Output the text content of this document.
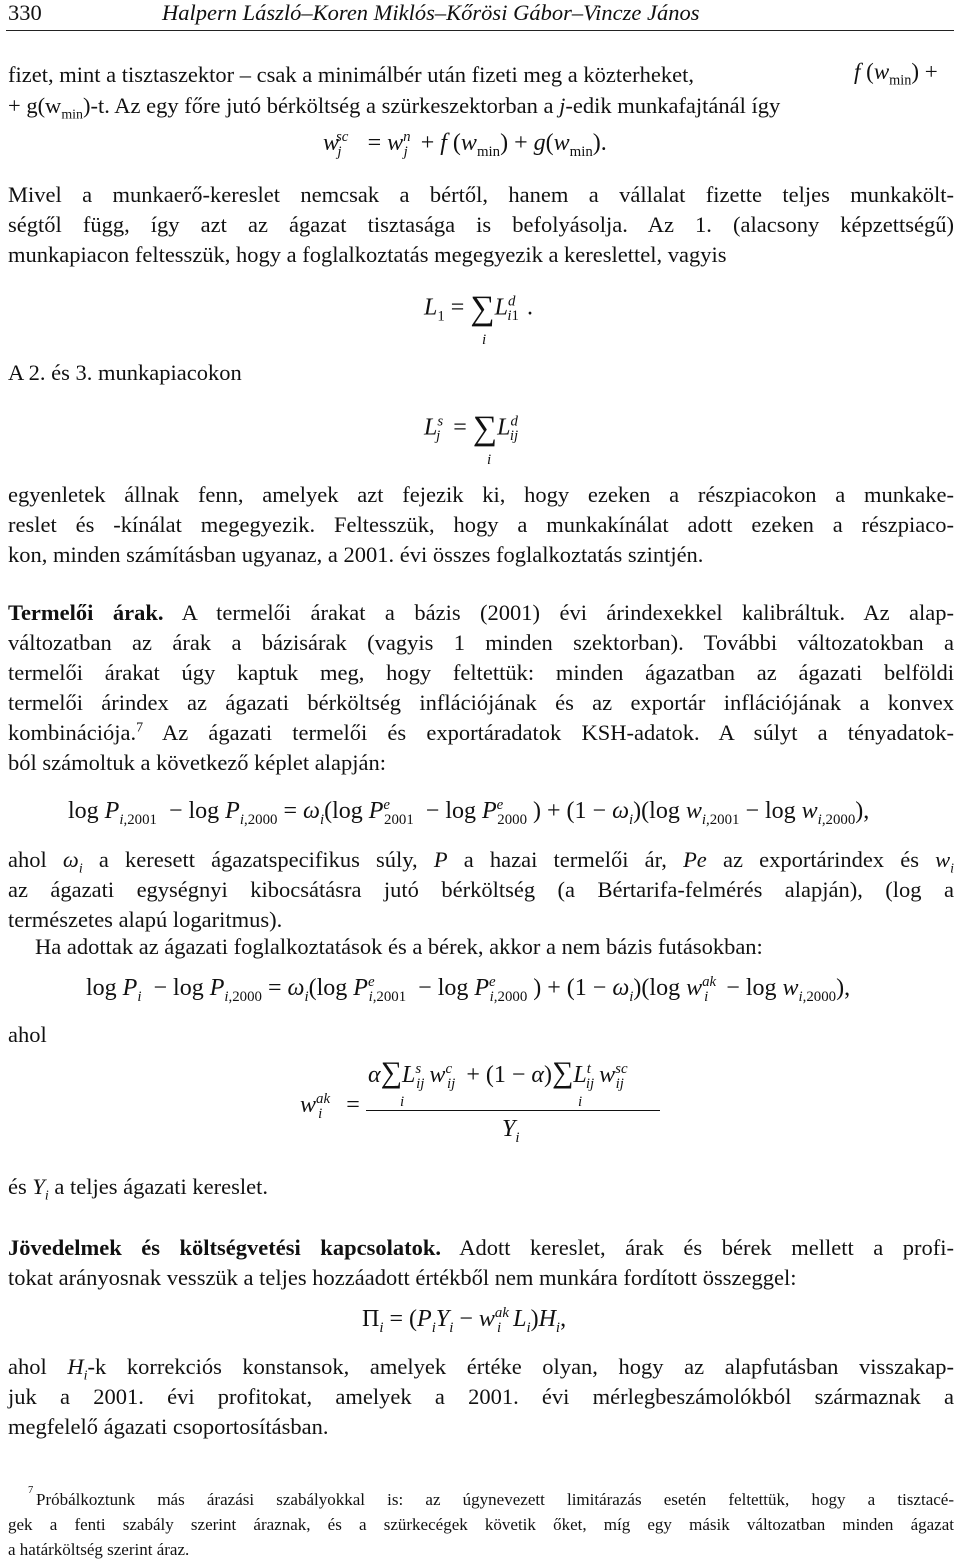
330	Halpern László–Koren Miklós–Kőrösi Gábor–Vincze János
fizet, mint a tisztaszektor – csak a minimálbér után fizeti meg a közterheket,	f $(w_{min})$ +
+ $g(w_{min})-t$. Az egy főre jutó bérköltség a szürkeszektorban a j-edik munkafajtánál így
$w^{sc}_j = w^n_j + f$ $(w_{min}) + g(w_{min})$.
Mivel a munkaerő-kereslet nemcsak a bértől, hanem a vállalat fizette teljes munkakölt-
ségtől függ, így azt az ágazat tisztasága is befolyásolja. Az 1. (alacsony képzettségű)
munkapiacon feltesszük, hogy a foglalkoztatás megegyezik a kereslettel, vagyis
$L_1 = \sum L^d_{i1}$ .
i
A 2. és 3. munkapiacokon
$L^s_j = \sum L^d_{ij}$
i
egyenletek állnak fenn, amelyek azt fejezik ki, hogy ezeken a részpiacokon a munkake-
reslet és -kínálat megegyezik. Feltesszük, hogy a munkakínálat adott ezeken a részpiaco-
kon, minden számításban ugyanaz, a 2001. évi összes foglalkoztatás szintjén.
Termelői árak. A termelői árakat a bázis (2001) évi árindexekkel kalibráltuk. Az alap-
változatban az árak a bázisárak (vagyis 1 minden szektorban). További változatokban a
termelői árakat úgy kaptuk meg, hogy feltettük: minden ágazatban az ágazati belföldi
termelői árindex az ágazati bérköltség inflációjának és az exportár inflációjának a konvex
kombinációja.$^7$ Az ágazati termelői és exportáradatok KSH-adatok. A súlyt a tényadatok-
ból számoltuk a következő képlet alapján:
$\log P_{i,2001} - \log P_{i,2000} = \omega_i(\log$ $P^e_{2001} - \log P^e_{2000}$ ) + $(1 - \omega_i)(\log$ $w_{i,2001} - \log w_{i,2000}$),
ahol $\omega_i$ a keresett ágazatspecifikus súly, P a hazai termelői ár, Pe az exportárindex és $w_i$
az ágazati egységnyi kibocsátásra jutó bérköltség (a Bértarifa-felmérés alapján), (log a
természetes alapú logaritmus).
Ha adottak az ágazati foglalkoztatások és a bérek, akkor a nem bázis futásokban:
$\log P_i - \log P_{i,2000} = \omega_i(\log$ $P^e_{i,2001} - \log P^e_{i,2000}$ ) + $(1 - \omega_i)(\log$ $w^{ak}_i - \log w_{i,2000}$),
ahol
$w^{ak}_i$  =
$\alpha\sum L^s_{ij}$ $w^c_{ij} + (1 - \alpha)\sum L^t_{ij}$ $w^{sc}_{ij}$
i	i
$Y_i$
és $Y_i$ a teljes ágazati kereslet.
Jövedelmek és költségvetési kapcsolatok. Adott kereslet, árak és bérek mellett a profi-
tokat arányosnak vesszük a teljes hozzáadott értékből nem munkára fordított összeggel:
$\Pi_i = (P_iY_i - w^{ak}_i$ $L_i)H_i$,
ahol $H_i-k$ korrekciós konstansok, amelyek értéke olyan, hogy az alapfutásban visszakap-
juk a 2001. évi profitokat, amelyek a 2001. évi mérlegbeszámolókból származnak a
megfelelő ágazati csoportosításban.
7 Próbálkoztunk más árazási szabályokkal is: az úgynevezett limitárazás esetén feltettük, hogy a tisztacé-
gek a fenti szabály szerint áraznak, és a szürkecégek követik őket, míg egy másik változatban minden ágazat
a határköltség szerint áraz.
